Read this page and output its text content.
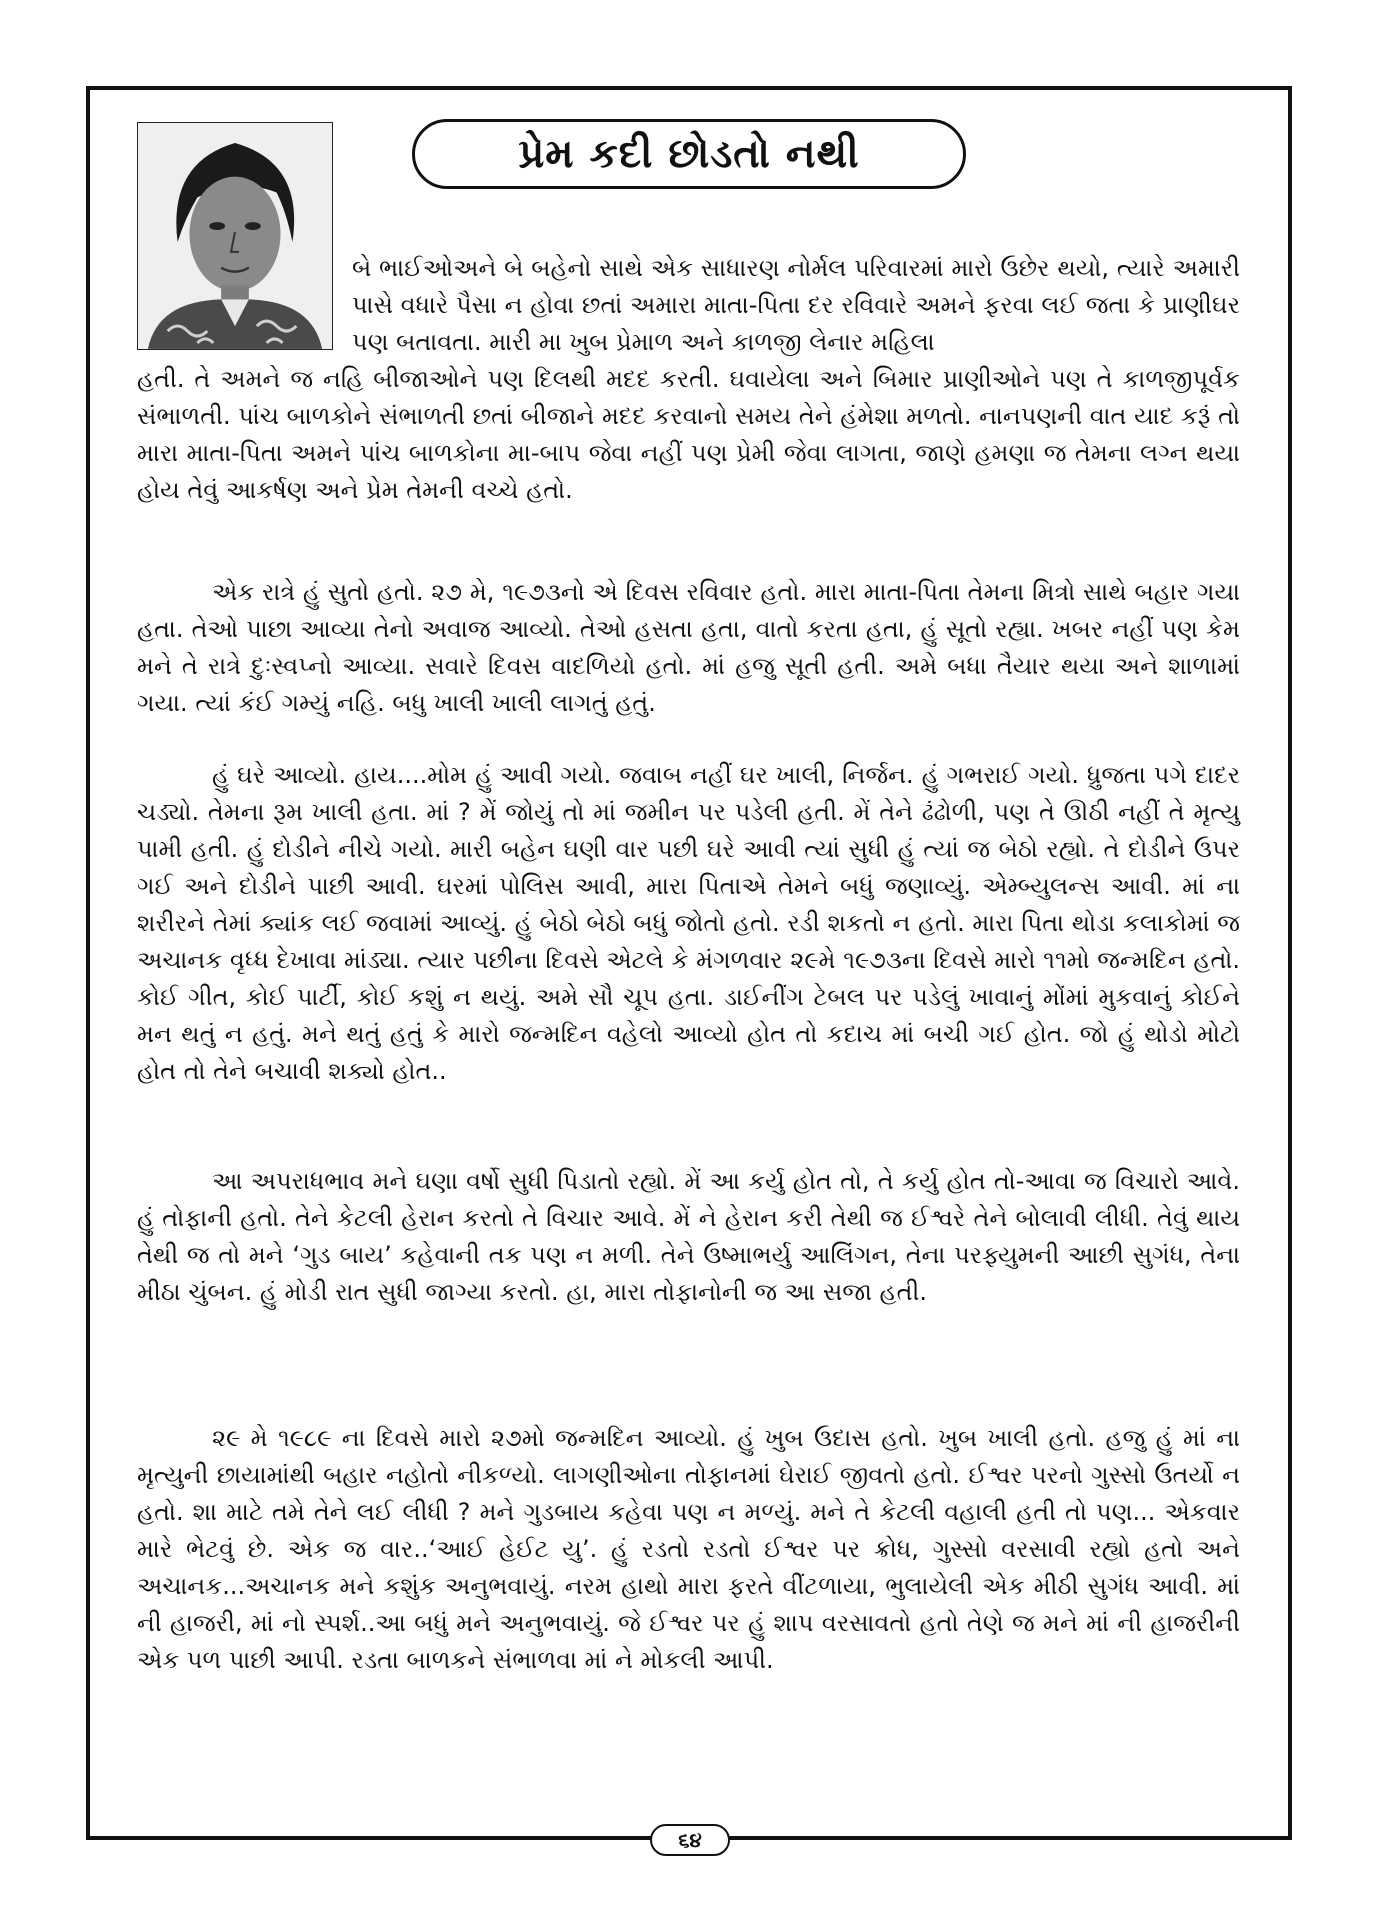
પ્રેમ કદી છોડતો નથી

બે ભાઈઓઅને બે બહેનો સાથે એક સાધારણ નોર્મલ પરિવારમાં મારો ઉછેર થયો, ત્યારે અમારી પાસે વધારે પૈસા ન હોવા છતાં અમારા માતા-પિતા દર રવિવારે અમને ફરવા લઈ જતા કે પ્રાણીઘર પણ બતાવતા. મારી મા ખુબ પ્રેમાળ અને કાળજી લેનાર મહિલા

હતી. તે અમને જ નહિ બીજાઓને પણ દિલથી મદદ કરતી. ઘવાયેલા અને બિમાર પ્રાણીઓને પણ તે કાળજીપૂર્વક સંભાળતી. પાંચ બાળકોને સંભાળતી છતાં બીજાને મદદ કરવાનો સમય તેને હંમેશા મળતો. નાનપણની વાત યાદ કરૂં તો મારા માતા-પિતા અમને પાંચ બાળકોના મા-બાપ જેવા નહીં પણ પ્રેમી જેવા લાગતા, જાણે હમણા જ તેમના લગ્ન થયા હોય તેવું આકર્ષણ અને પ્રેમ તેમની વચ્ચે હતો.

એક રાત્રે હું સુતો હતો. ૨૭ મે, ૧૯૭૩નો એ દિવસ રવિવાર હતો. મારા માતા-પિતા તેમના મિત્રો સાથે બહાર ગયા હતા. તેઓ પાછા આવ્યા તેનો અવાજ આવ્યો. તેઓ હસતા હતા, વાતો કરતા હતા, હું સૂતો રહ્યા. ખબર નહીં પણ કેમ મને તે રાત્રે દુઃસ્વપ્નો આવ્યા. સવારે દિવસ વાદળિયો હતો. માં હજુ સૂતી હતી. અમે બધા તૈયાર થયા અને શાળામાં ગયા. ત્યાં કંઈ ગમ્યું નહિ. બધુ ખાલી ખાલી લાગતું હતું.

હું ઘરે આવ્યો. હાય....મોમ હું આવી ગયો. જવાબ નહીં ઘર ખાલી, નિર્જન. હું ગભરાઈ ગયો. ધ્રુજતા પગે દાદર ચડ્યો. તેમના રૂમ ખાલી હતા. માં ? મેં જોયું તો માં જમીન પર પડેલી હતી. મેં તેને ઢંઢોળી, પણ તે ઊઠી નહીં તે મૃત્યુ પામી હતી. હું દોડીને નીચે ગયો. મારી બહેન ઘણી વાર પછી ઘરે આવી ત્યાં સુધી હું ત્યાં જ બેઠો રહ્યો. તે દોડીને ઉપર ગઈ અને દોડીને પાછી આવી. ઘરમાં પોલિસ આવી, મારા પિતાએ તેમને બધું જણાવ્યું. એમ્બ્યુલન્સ આવી. માં ના શરીરને તેમાં ક્યાંક લઈ જવામાં આવ્યું. હું બેઠો બેઠો બધું જોતો હતો. રડી શકતો ન હતો. મારા પિતા થોડા કલાકોમાં જ અચાનક વૃધ્ધ દેખાવા માંડ્યા. ત્યાર પછીના દિવસે એટલે કે મંગળવાર ૨૯મે ૧૯૭૩ના દિવસે મારો ૧૧મો જન્મદિન હતો. કોઈ ગીત, કોઈ પાર્ટી, કોઈ કશું ન થયું. અમે સૌ ચૂપ હતા. ડાઈનીંગ ટેબલ પર પડેલું ખાવાનું મોંમાં મુકવાનું કોઈને મન થતું ન હતું. મને થતું હતું કે મારો જન્મદિન વહેલો આવ્યો હોત તો કદાચ માં બચી ગઈ હોત. જો હું થોડો મોટો હોત તો તેને બચાવી શક્યો હોત..

આ અપરાધભાવ મને ઘણા વર્ષો સુધી પિડાતો રહ્યો. મેં આ કર્યુ હોત તો, તે કર્યુ હોત તો-આવા જ વિચારો આવે. હું તોફાની હતો. તેને કેટલી હેરાન કરતો તે વિચાર આવે. મેં ને હેરાન કરી તેથી જ ઈશ્વરે તેને બોલાવી લીધી. તેવું થાય તેથી જ તો મને ‘ગુડ બાય’ કહેવાની તક પણ ન મળી. તેને ઉષ્માભર્યુ આલિંગન, તેના પરફ્યુમની આછી સુગંધ, તેના મીઠા ચુંબન. હું મોડી રાત સુધી જાગ્યા કરતો. હા, મારા તોફાનોની જ આ સજા હતી.

૨૯ મે ૧૯૮૯ ના દિવસે મારો ૨૭મો જન્મદિન આવ્યો. હું ખુબ ઉદાસ હતો. ખુબ ખાલી હતો. હજુ હું માં ના મૃત્યુની છાયામાંથી બહાર નહોતો નીકળ્યો. લાગણીઓના તોફાનમાં ઘેરાઈ જીવતો હતો. ઈશ્વર પરનો ગુસ્સો ઉતર્યો ન હતો. શા માટે તમે તેને લઈ લીધી ? મને ગુડબાય કહેવા પણ ન મળ્યું. મને તે કેટલી વહાલી હતી તો પણ... એકવાર મારે ભેટવું છે. એક જ વાર..‘આઈ હેઈટ યુ’. હું રડતો રડતો ઈશ્વર પર ક્રોધ, ગુસ્સો વરસાવી રહ્યો હતો અને અચાનક...અચાનક મને કશુંક અનુભવાયું. નરમ હાથો મારા ફરતે વીંટળાયા, ભુલાયેલી એક મીઠી સુગંધ આવી. માં ની હાજરી, માં નો સ્પર્શ..આ બધું મને અનુભવાયું. જે ઈશ્વર પર હું શાપ વરસાવતો હતો તેણે જ મને માં ની હાજરીની એક પળ પાછી આપી. રડતા બાળકને સંભાળવા માં ને મોકલી આપી.

૬૪
